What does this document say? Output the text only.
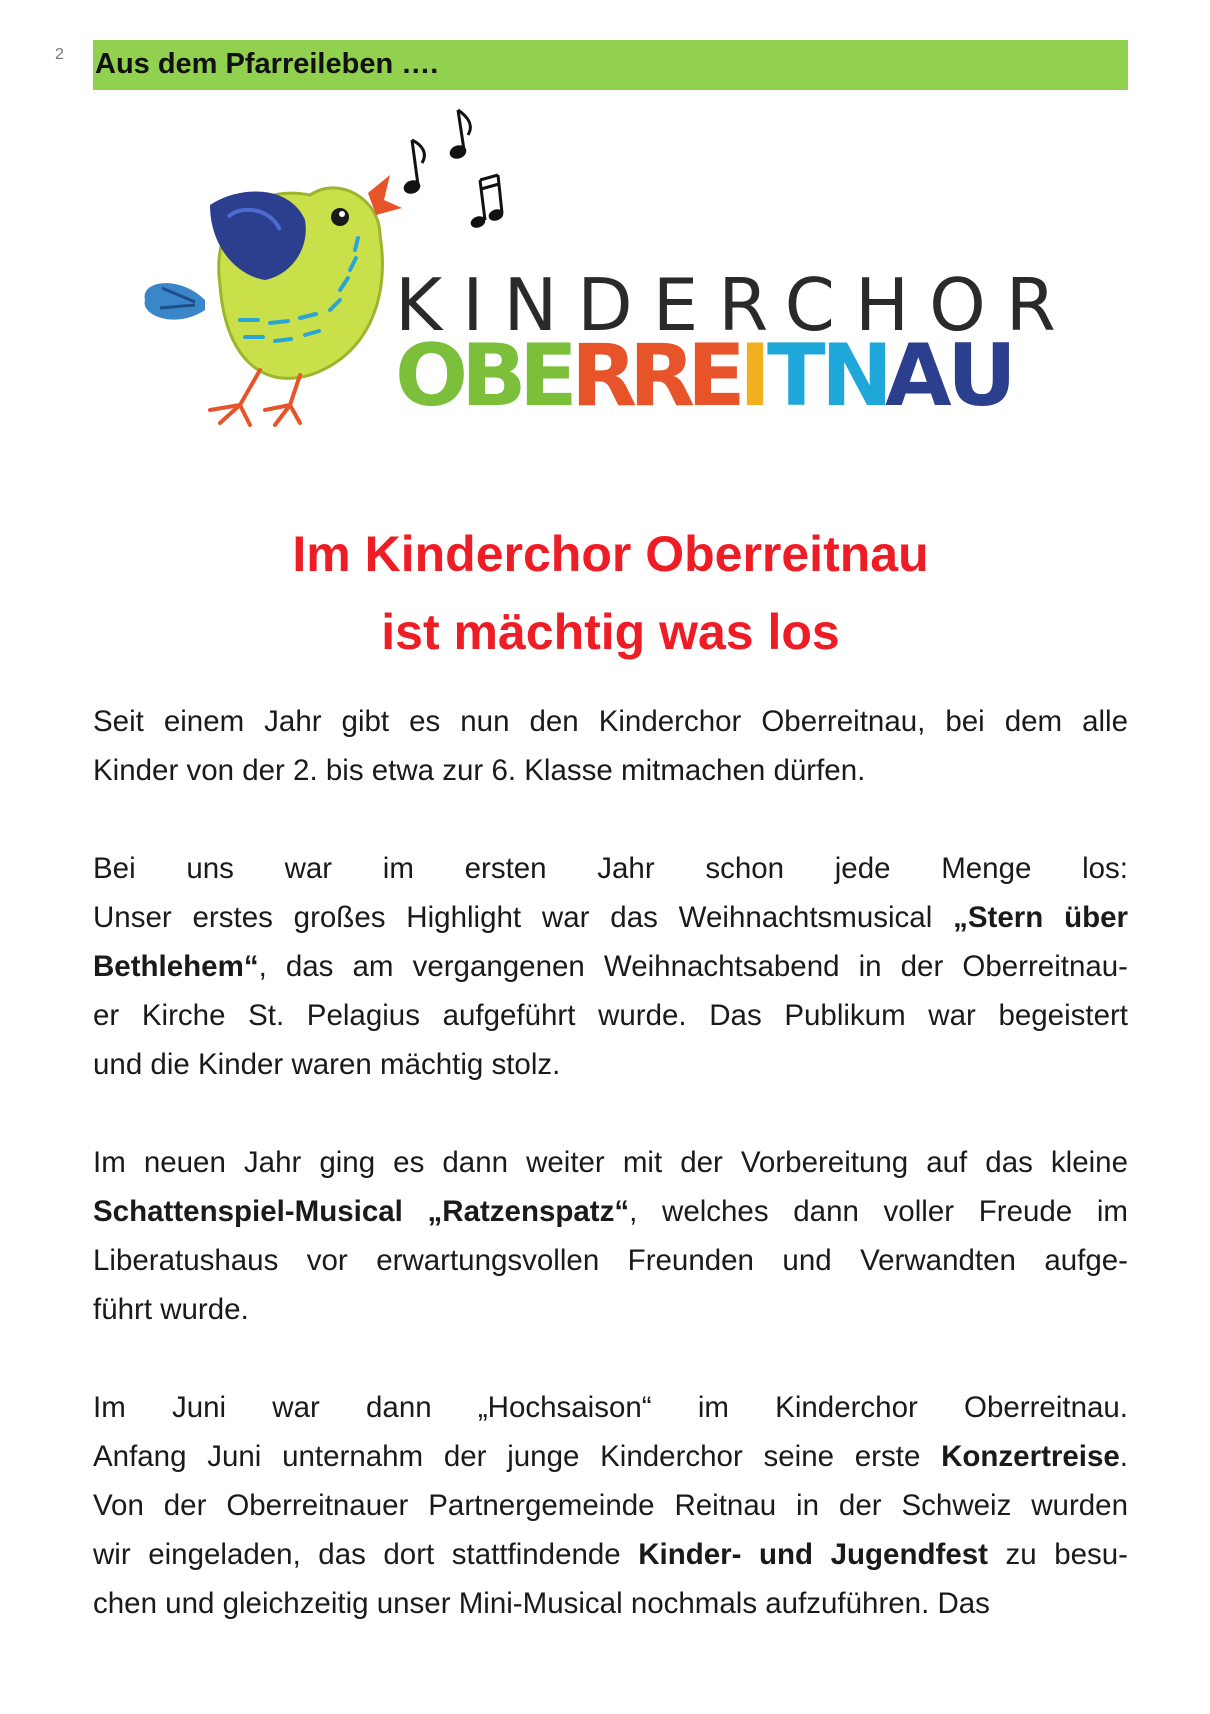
2 Aus dem Pfarreileben ….
KINDERCHOR
O
B
E
R
R
E
I
T
N
A
U
Im Kinderchor Oberreitnau
ist mächtig was los
Seit einem Jahr gibt es nun den Kinderchor Oberreitnau, bei dem alle
Kinder von der 2. bis etwa zur 6. Klasse mitmachen dürfen.
Bei uns war im ersten Jahr schon jede Menge los:
Unser erstes großes Highlight war das Weihnachtsmusical „Stern über
Bethlehem“, das am vergangenen Weihnachtsabend in der Oberreitnau-
er Kirche St. Pelagius aufgeführt wurde. Das Publikum war begeistert
und die Kinder waren mächtig stolz.
Im neuen Jahr ging es dann weiter mit der Vorbereitung auf das kleine
Schattenspiel-Musical „Ratzenspatz“, welches dann voller Freude im
Liberatushaus vor erwartungsvollen Freunden und Verwandten aufge-
führt wurde.
Im Juni war dann „Hochsaison“ im Kinderchor Oberreitnau.
Anfang Juni unternahm der junge Kinderchor seine erste Konzertreise.
Von der Oberreitnauer Partnergemeinde Reitnau in der Schweiz wurden
wir eingeladen, das dort stattfindende Kinder- und Jugendfest zu besu-
chen und gleichzeitig unser Mini-Musical nochmals aufzuführen. Das
